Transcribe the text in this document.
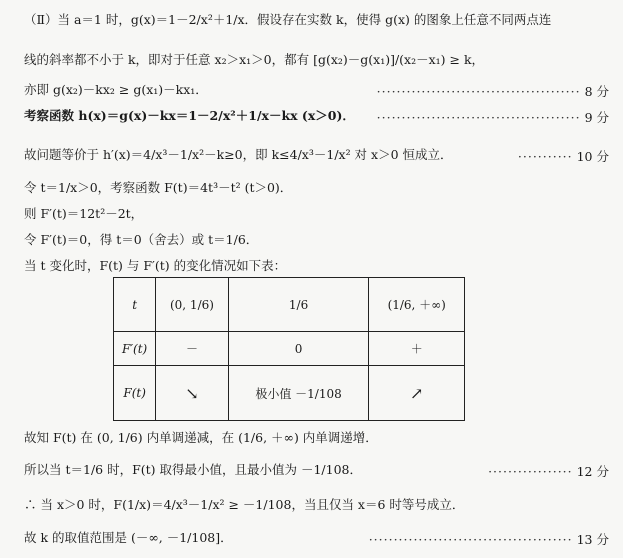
（Ⅱ）当 a＝1 时，g(x)＝1－2/x²＋1/x．假设存在实数 k，使得 g(x) 的图象上任意不同两点连
线的斜率都不小于 k，即对于任意 x₂＞x₁＞0，都有 [g(x₂)－g(x₁)]/(x₂－x₁) ≥ k，
亦即 g(x₂)－kx₂ ≥ g(x₁)－kx₁．	········································· 8 分
考察函数 h(x)＝g(x)－kx＝1－2/x²＋1/x－kx (x＞0)．	········································· 9 分
故问题等价于 h′(x)＝4/x³－1/x²－k≥0，即 k≤4/x³－1/x² 对 x＞0 恒成立．	··········· 10 分
令 t＝1/x＞0，考察函数 F(t)＝4t³－t² (t＞0)．
则 F′(t)＝12t²－2t，
令 F′(t)＝0，得 t＝0（舍去）或 t＝1/6．
当 t 变化时，F(t) 与 F′(t) 的变化情况如下表：
t	(0, 1/6)	1/6	(1/6, ＋∞)
F′(t)	－	0	＋
F(t)	↘	极小值 －1/108	↗
故知 F(t) 在 (0, 1/6) 内单调递减，在 (1/6, ＋∞) 内单调递增．
所以当 t＝1/6 时，F(t) 取得最小值，且最小值为 －1/108．	················· 12 分
∴ 当 x＞0 时，F(1/x)＝4/x³－1/x² ≥ －1/108，当且仅当 x＝6 时等号成立．
故 k 的取值范围是 (－∞, －1/108]．	········································· 13 分
